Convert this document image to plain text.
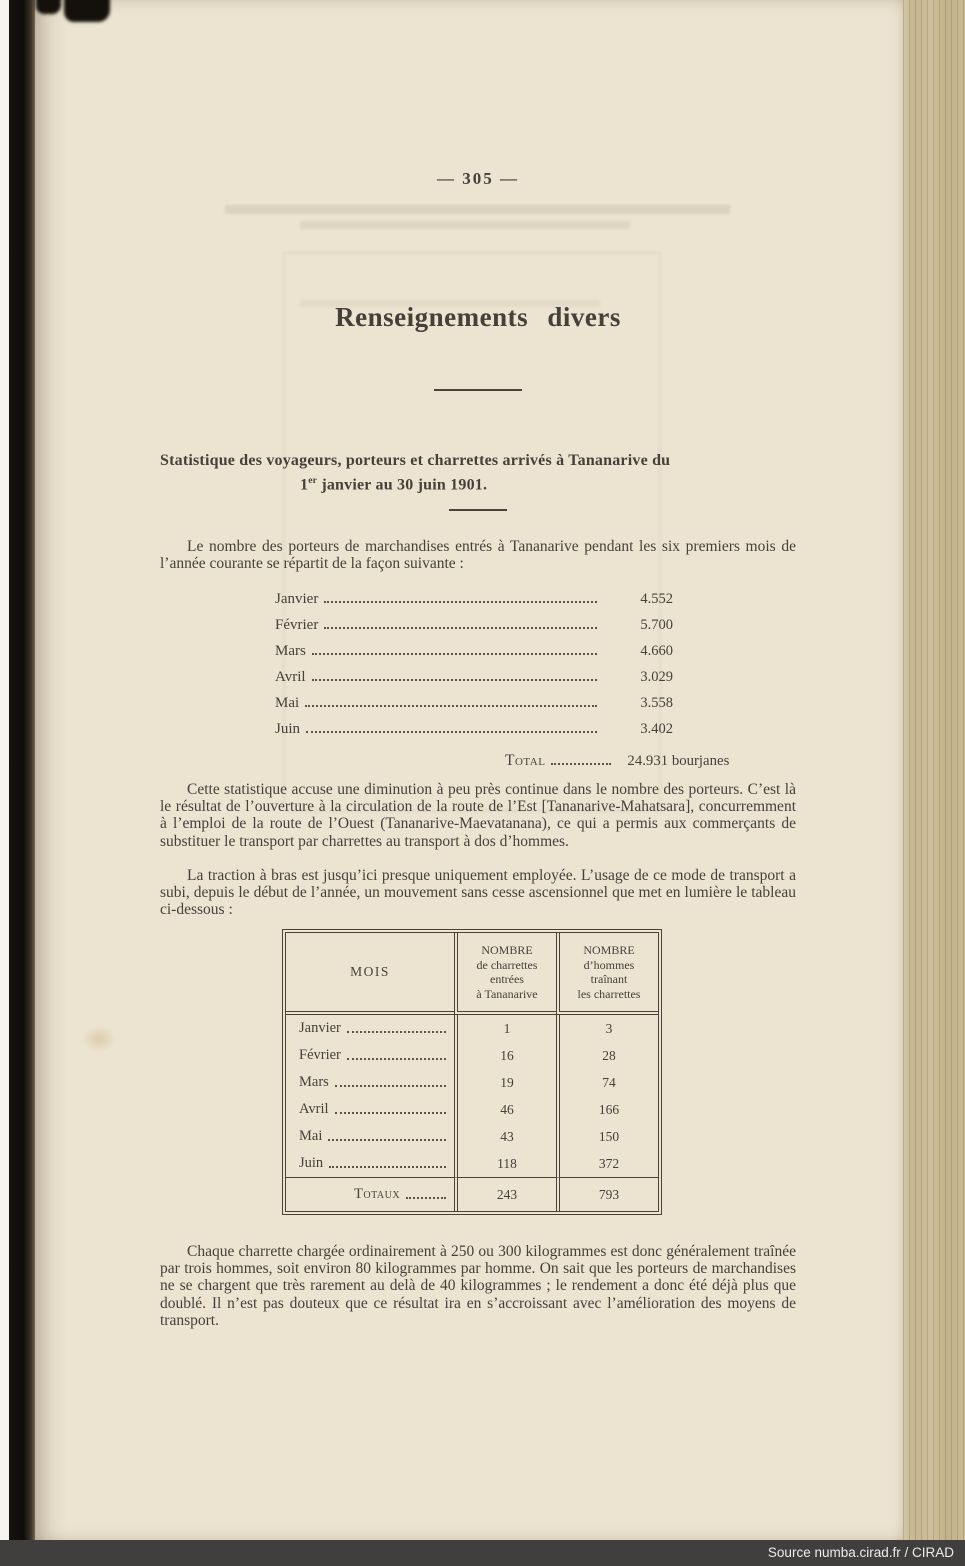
— 305 —
Renseignements divers
Statistique des voyageurs, porteurs et charrettes arrivés à Tananarive du
1er janvier au 30 juin 1901.
Le nombre des porteurs de marchandises entrés à Tananarive pendant les six premiers mois de l’année courante se répartit de la façon suivante :
Janvier	4.552
Février	5.700
Mars	4.660
Avril	3.029
Mai	3.558
Juin	3.402
Total	24.931 bourjanes
Cette statistique accuse une diminution à peu près continue dans le nombre des porteurs. C’est là le résultat de l’ouverture à la circulation de la route de l’Est [Tananarive-Mahatsara], concurremment à l’emploi de la route de l’Ouest (Tananarive-Maevatanana), ce qui a permis aux commerçants de substituer le transport par charrettes au transport à dos d’hommes.
La traction à bras est jusqu’ici presque uniquement employée. L’usage de ce mode de transport a subi, depuis le début de l’année, un mouvement sans cesse ascensionnel que met en lumière le tableau ci-dessous :
MOIS
NOMBRE
de charrettes
entrées
à Tananarive
NOMBRE
d’hommes
traînant
les charrettes
Janvier	1	3
Février	16	28
Mars	19	74
Avril	46	166
Mai	43	150
Juin	118	372
Totaux	243	793
Chaque charrette chargée ordinairement à 250 ou 300 kilogrammes est donc généralement traînée par trois hommes, soit environ 80 kilogrammes par homme. On sait que les porteurs de marchandises ne se chargent que très rarement au delà de 40 kilogrammes ; le rendement a donc été déjà plus que doublé. Il n’est pas douteux que ce résultat ira en s’accroissant avec l’amélioration des moyens de transport.
Source numba.cirad.fr / CIRAD
